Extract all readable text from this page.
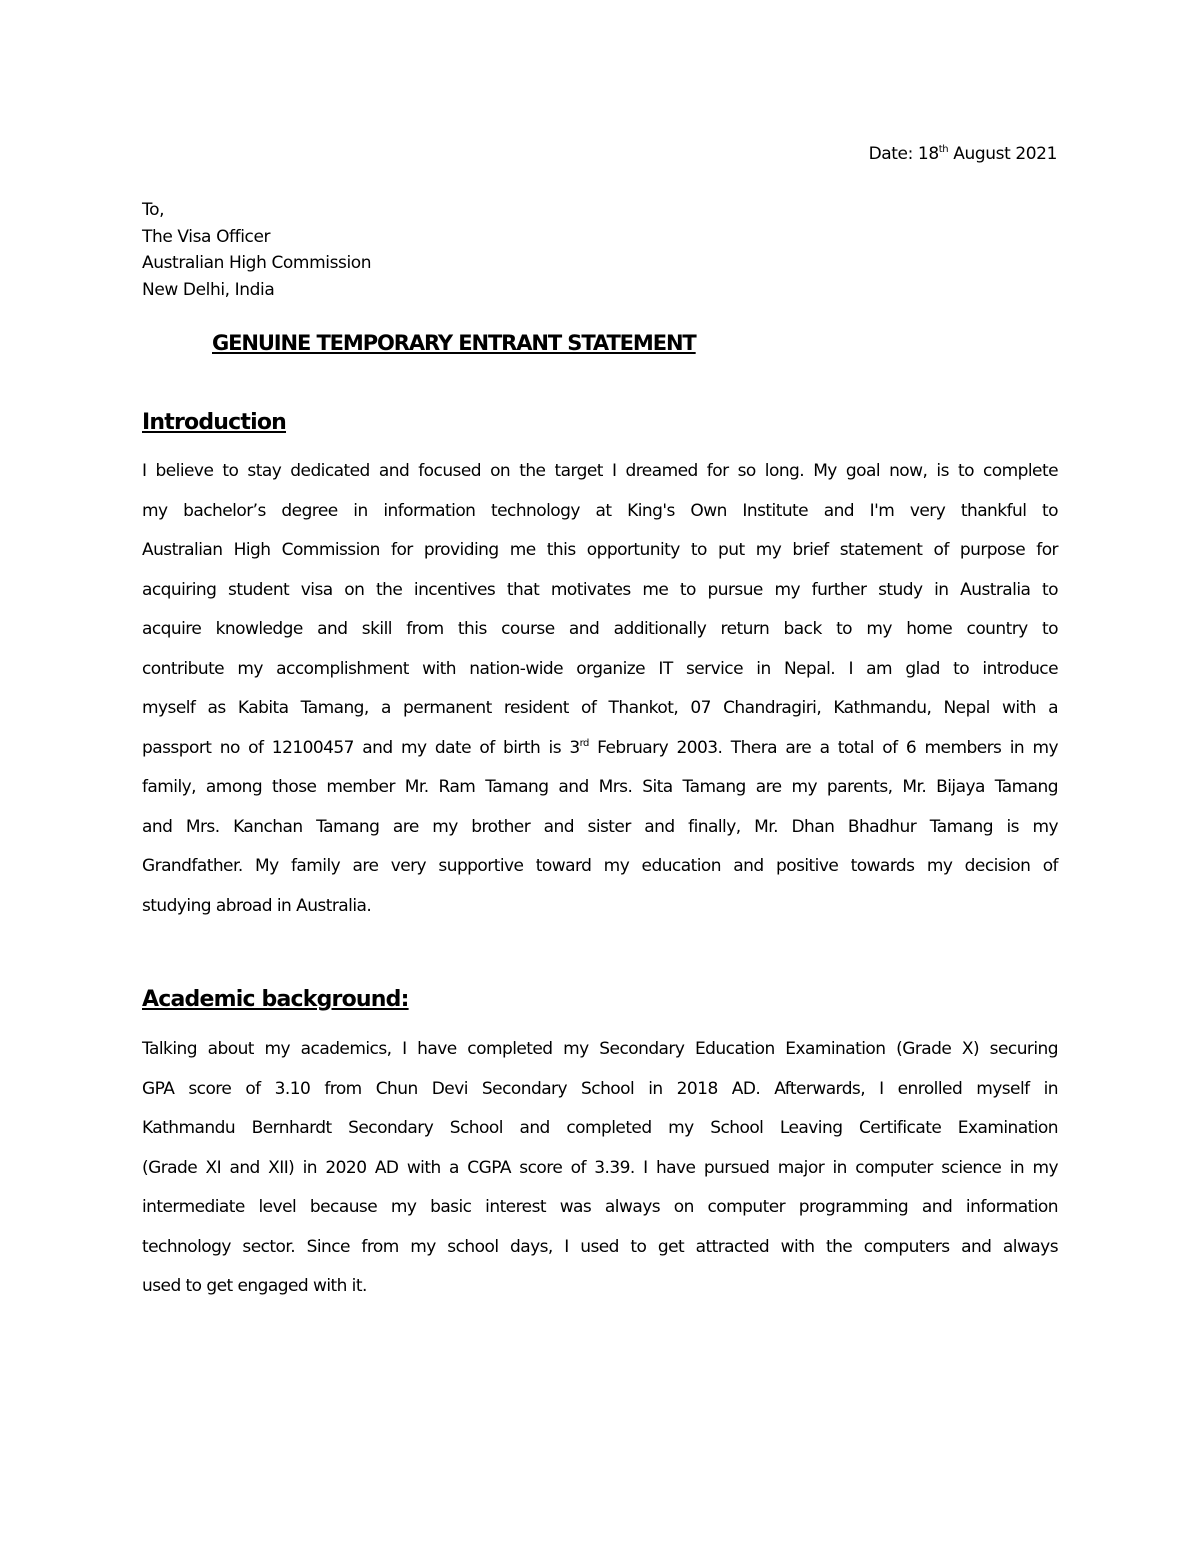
Date: 18th August 2021
To,
The Visa Officer
Australian High Commission
New Delhi, India
GENUINE TEMPORARY ENTRANT STATEMENT
Introduction
I believe to stay dedicated and focused on the target I dreamed for so long. My goal now, is to complete
my bachelor’s degree in information technology at King's Own Institute and I'm very thankful to
Australian High Commission for providing me this opportunity to put my brief statement of purpose for
acquiring student visa on the incentives that motivates me to pursue my further study in Australia to
acquire knowledge and skill from this course and additionally return back to my home country to
contribute my accomplishment with nation-wide organize IT service in Nepal. I am glad to introduce
myself as Kabita Tamang, a permanent resident of Thankot, 07 Chandragiri, Kathmandu, Nepal with a
passport no of 12100457 and my date of birth is 3rd February 2003. Thera are a total of 6 members in my
family, among those member Mr. Ram Tamang and Mrs. Sita Tamang are my parents, Mr. Bijaya Tamang
and Mrs. Kanchan Tamang are my brother and sister and finally, Mr. Dhan Bhadhur Tamang is my
Grandfather. My family are very supportive toward my education and positive towards my decision of
studying abroad in Australia.
Academic background:
Talking about my academics, I have completed my Secondary Education Examination (Grade X) securing
GPA score of 3.10 from Chun Devi Secondary School in 2018 AD. Afterwards, I enrolled myself in
Kathmandu Bernhardt Secondary School and completed my School Leaving Certificate Examination
(Grade XI and XII) in 2020 AD with a CGPA score of 3.39. I have pursued major in computer science in my
intermediate level because my basic interest was always on computer programming and information
technology sector. Since from my school days, I used to get attracted with the computers and always
used to get engaged with it.
